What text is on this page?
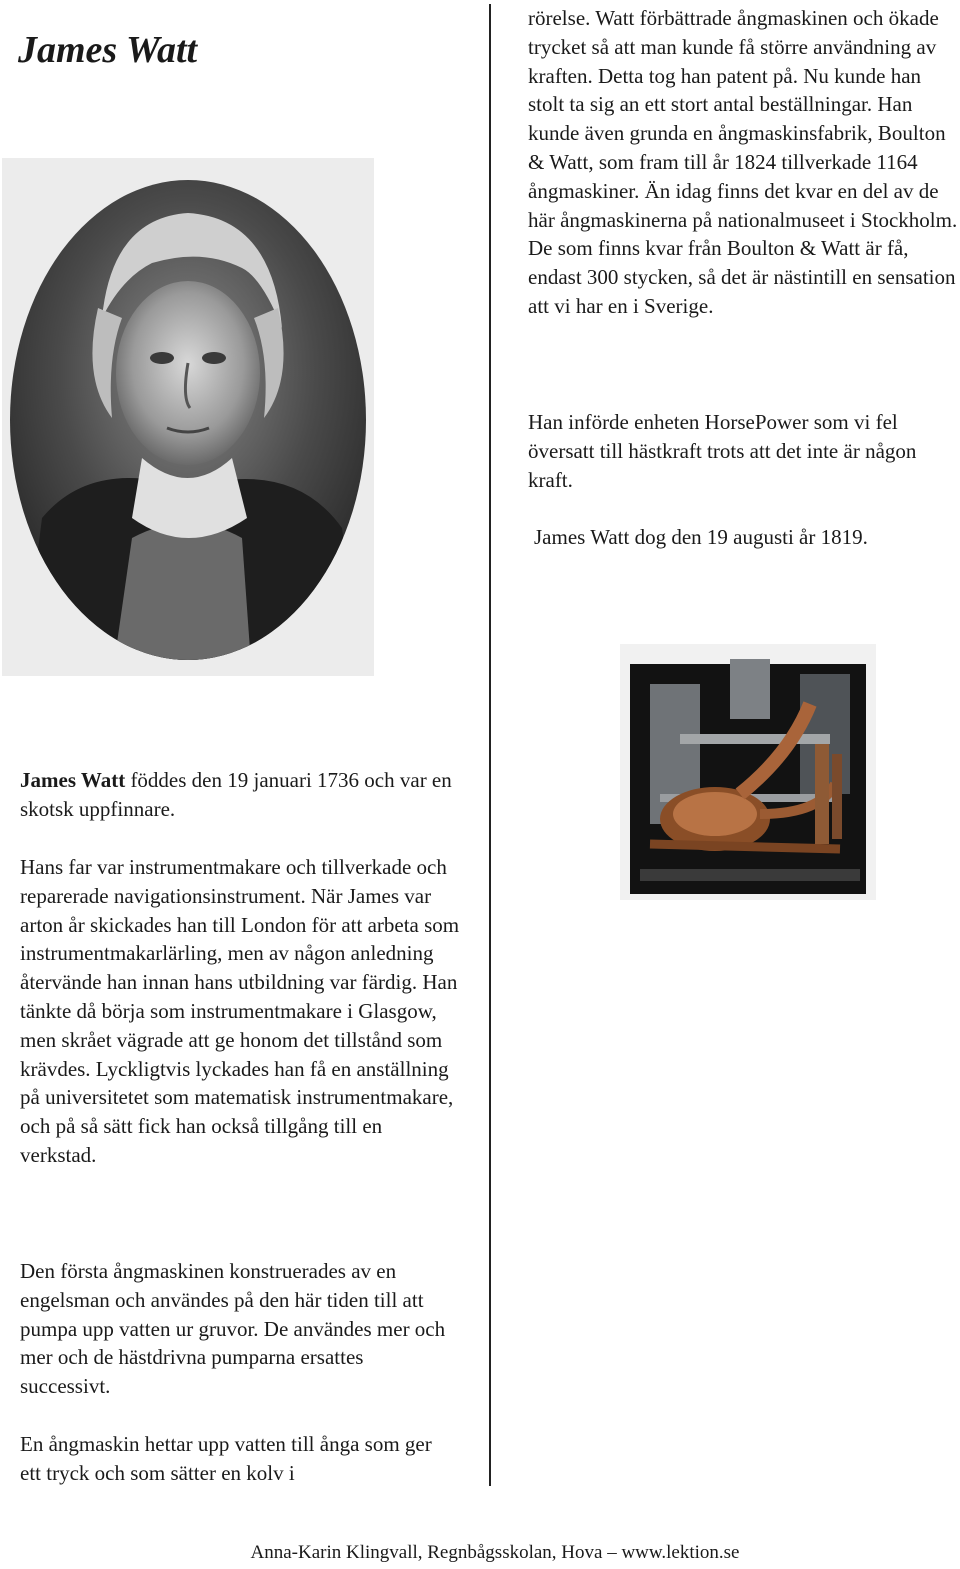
James Watt

rörelse. Watt förbättrade ångmaskinen och ökade trycket så att man kunde få större användning av kraften. Detta tog han patent på. Nu kunde han stolt ta sig an ett stort antal beställningar. Han kunde även grunda en ångmaskinsfabrik, Boulton & Watt, som fram till år 1824 tillverkade 1164 ångmaskiner. Än idag finns det kvar en del av de här ångmaskinerna på nationalmuseet i Stockholm. De som finns kvar från Boulton & Watt är få, endast 300 stycken, så det är nästintill en sensation att vi har en i Sverige.

Han införde enheten HorsePower som vi fel översatt till hästkraft trots att det inte är någon kraft.

James Watt dog den 19 augusti år 1819.

James Watt föddes den 19 januari 1736 och var en skotsk uppfinnare.

Hans far var instrumentmakare och tillverkade och reparerade navigationsinstrument. När James var arton år skickades han till London för att arbeta som instrumentmakarlärling, men av någon anledning återvände han innan hans utbildning var färdig. Han tänkte då börja som instrumentmakare i Glasgow, men skrået vägrade att ge honom det tillstånd som krävdes. Lyckligtvis lyckades han få en anställning på universitetet som matematisk instrumentmakare, och på så sätt fick han också tillgång till en verkstad.

Den första ångmaskinen konstruerades av en engelsman och användes på den här tiden till att pumpa upp vatten ur gruvor. De användes mer och mer och de hästdrivna pumparna ersattes successivt.

En ångmaskin hettar upp vatten till ånga som ger ett tryck och som sätter en kolv i

Anna-Karin Klingvall, Regnbågsskolan, Hova – www.lektion.se
